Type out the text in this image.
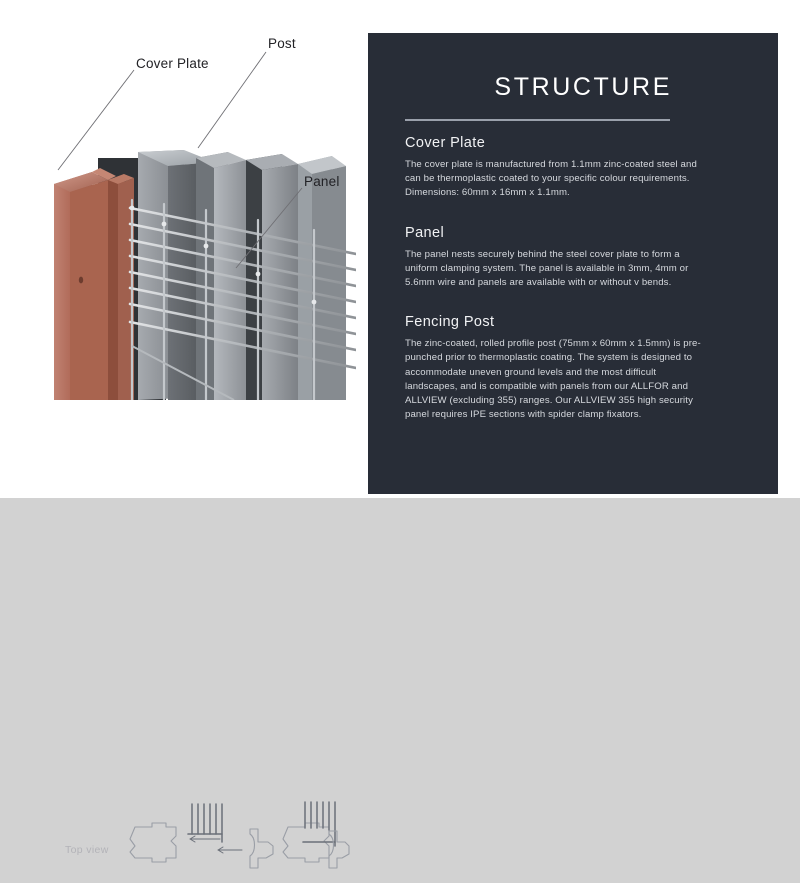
Cover Plate
Post
Panel
Top view
STRUCTURE
Cover Plate

The cover plate is manufactured from 1.1mm zinc-coated steel and can be thermoplastic coated to your specific colour requirements. Dimensions: 60mm x 16mm x 1.1mm.

Panel

The panel nests securely behind the steel cover plate to form a uniform clamping system. The panel is available in 3mm, 4mm or 5.6mm wire and panels are available with or without v bends.

Fencing Post

The zinc-coated, rolled profile post (75mm x 60mm x 1.5mm) is pre-punched prior to thermoplastic coating. The system is designed to accommodate uneven ground levels and the most difficult landscapes, and is compatible with panels from our ALLFOR and ALLVIEW (excluding 355) ranges. Our ALLVIEW 355 high security panel requires IPE sections with spider clamp fixators.
